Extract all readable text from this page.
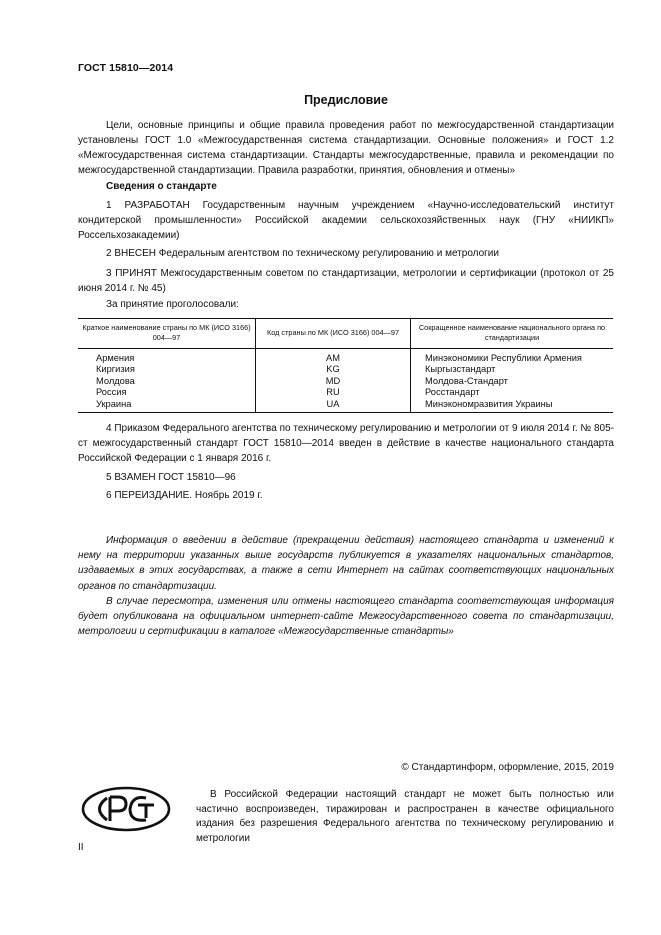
ГОСТ 15810—2014
Предисловие
Цели, основные принципы и общие правила проведения работ по межгосударственной стандартизации установлены ГОСТ 1.0 «Межгосударственная система стандартизации. Основные положения» и ГОСТ 1.2 «Межгосударственная система стандартизации. Стандарты межгосударственные, правила и рекомендации по межгосударственной стандартизации. Правила разработки, принятия, обновления и отмены»
Сведения о стандарте
1 РАЗРАБОТАН Государственным научным учреждением «Научно-исследовательский институт кондитерской промышленности» Российской академии сельскохозяйственных наук (ГНУ «НИИКП» Россельхозакадемии)
2 ВНЕСЕН Федеральным агентством по техническому регулированию и метрологии
3 ПРИНЯТ Межгосударственным советом по стандартизации, метрологии и сертификации (протокол от 25 июня 2014 г. № 45)
За принятие проголосовали:
Краткое наименование страны по МК (ИСО 3166) 004—97	Код страны по МК (ИСО 3166) 004—97	Сокращенное наименование национального органа по стандартизации
Армения	AM	Минэкономики Республики Армения
Киргизия	KG	Кыргызстандарт
Молдова	MD	Молдова-Стандарт
Россия	RU	Росстандарт
Украина	UA	Минэкономразвития Украины
4 Приказом Федерального агентства по техническому регулированию и метрологии от 9 июля 2014 г. № 805-ст межгосударственный стандарт ГОСТ 15810—2014 введен в действие в качестве национального стандарта Российской Федерации с 1 января 2016 г.
5 ВЗАМЕН ГОСТ 15810—96
6 ПЕРЕИЗДАНИЕ. Ноябрь 2019 г.
Информация о введении в действие (прекращении действия) настоящего стандарта и изменений к нему на территории указанных выше государств публикуется в указателях национальных стандартов, издаваемых в этих государствах, а также в сети Интернет на сайтах соответствующих национальных органов по стандартизации.
В случае пересмотра, изменения или отмены настоящего стандарта соответствующая информация будет опубликована на официальном интернет-сайте Межгосударственного совета по стандартизации, метрологии и сертификации в каталоге «Межгосударственные стандарты»
© Стандартинформ, оформление, 2015, 2019
В Российской Федерации настоящий стандарт не может быть полностью или частично воспроизведен, тиражирован и распространен в качестве официального издания без разрешения Федерального агентства по техническому регулированию и метрологии
II
